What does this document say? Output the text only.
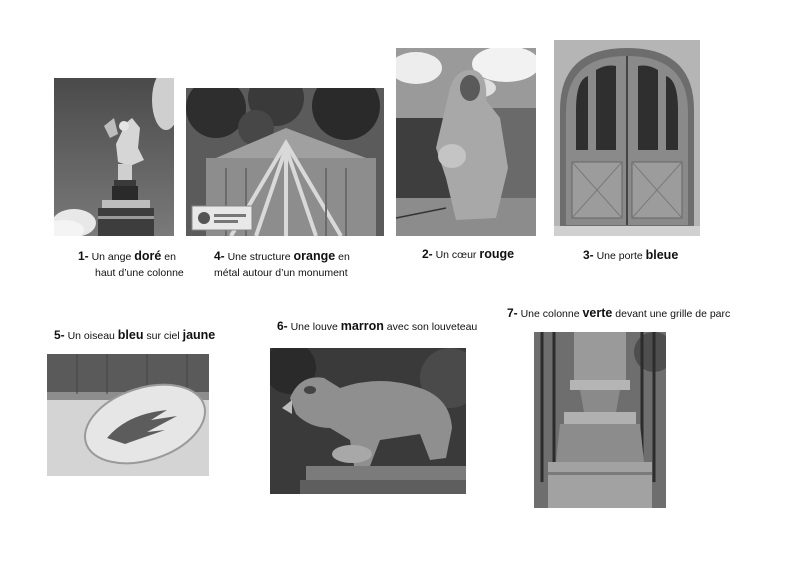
1- Un ange doré en
haut d’une colonne
4- Une structure orange en
métal autour d’un monument
2- Un cœur rouge	3- Une porte bleue
5- Un oiseau bleu sur ciel jaune
6- Une louve marron avec son louveteau
7- Une colonne verte devant une grille de parc
